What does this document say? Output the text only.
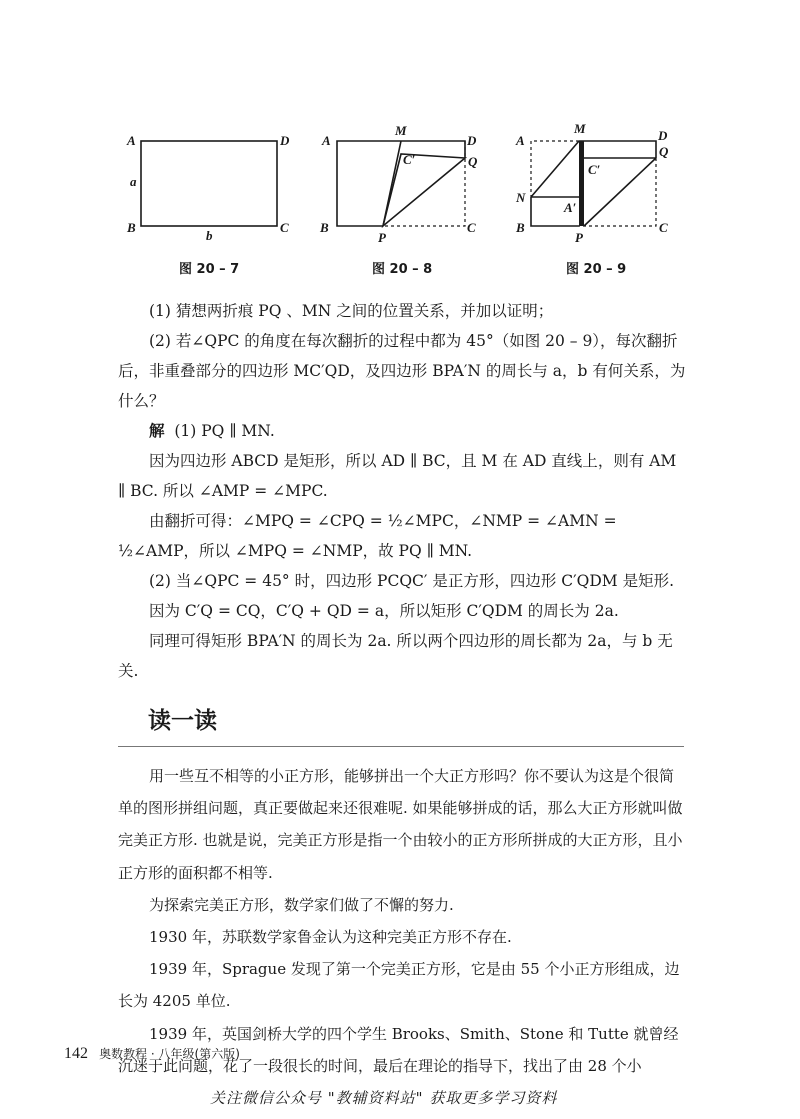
A	D
B	C
a
b
A
M
D
C′	Q
B
P
C
A
M	D
C′
Q
N
A′
B
P
C
图 20 – 7	图 20 – 8	图 20 – 9

(1) 猜想两折痕 PQ 、MN 之间的位置关系，并加以证明；

(2) 若∠QPC 的角度在每次翻折的过程中都为 45°（如图 20 – 9），每次翻折后，非重叠部分的四边形 MC′QD，及四边形 BPA′N 的周长与 a，b 有何关系，为什么？

解 (1) PQ ∥ MN.

因为四边形 ABCD 是矩形，所以 AD ∥ BC，且 M 在 AD 直线上，则有 AM ∥ BC. 所以 ∠AMP = ∠MPC.

由翻折可得：∠MPQ = ∠CPQ = ½∠MPC，∠NMP = ∠AMN = ½∠AMP，所以 ∠MPQ = ∠NMP，故 PQ ∥ MN.

(2) 当∠QPC = 45° 时，四边形 PCQC′ 是正方形，四边形 C′QDM 是矩形.

因为 C′Q = CQ，C′Q + QD = a，所以矩形 C′QDM 的周长为 2a.

同理可得矩形 BPA′N 的周长为 2a. 所以两个四边形的周长都为 2a，与 b 无关.

读一读

用一些互不相等的小正方形，能够拼出一个大正方形吗？你不要认为这是个很简单的图形拼组问题，真正要做起来还很难呢. 如果能够拼成的话，那么大正方形就叫做完美正方形. 也就是说，完美正方形是指一个由较小的正方形所拼成的大正方形，且小正方形的面积都不相等.

为探索完美正方形，数学家们做了不懈的努力.

1930 年，苏联数学家鲁金认为这种完美正方形不存在.

1939 年，Sprague 发现了第一个完美正方形，它是由 55 个小正方形组成，边长为 4205 单位.

1939 年，英国剑桥大学的四个学生 Brooks、Smith、Stone 和 Tutte 就曾经沉迷于此问题，花了一段很长的时间，最后在理论的指导下，找出了由 28 个小

142 奥数教程 · 八年级(第六版)
关注微信公众号 "教辅资料站" 获取更多学习资料
